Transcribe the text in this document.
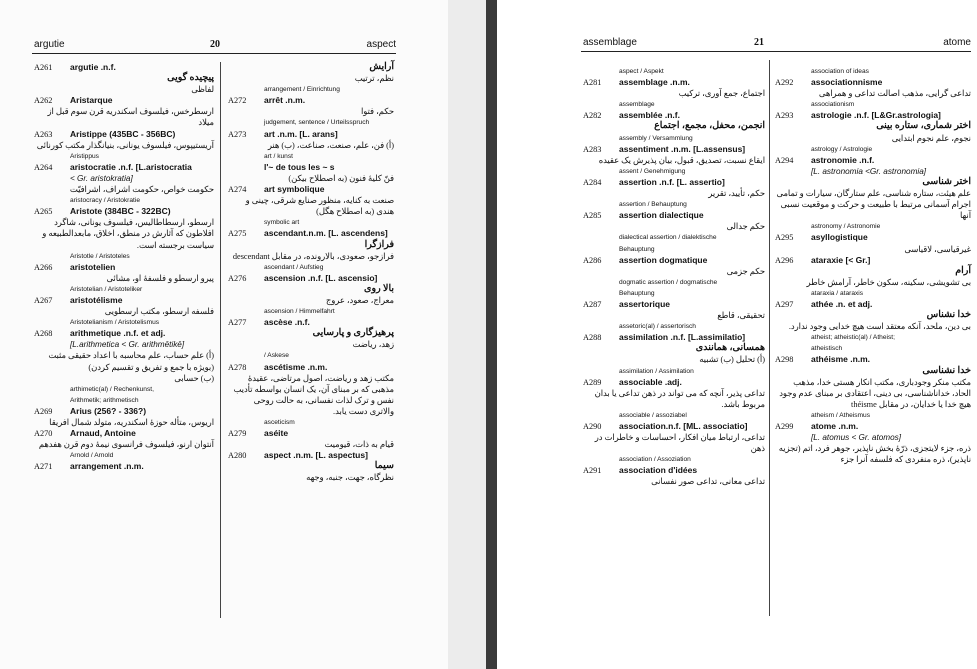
argutie	20	aspect
A261	argutie .n.f.
پیچیده گویی
لفاظی
A262	Aristarque
ارسطرخس، فیلسوف اسکندریه قرن سوم قبل از میلاد
A263	Aristippe (435BC - 356BC)
آریستیپوس، فیلسوف یونانی، بنیانگذار مکتب کورنائی
Aristippus
A264	aristocratie .n.f. [L.aristocratia
< Gr. aristokratia]
حکومت خواص، حکومت اشراف، اشرافیّت
aristocracy / Aristokratie
A265	Aristote (384BC - 322BC)
ارسطو، ارسطاطالیس، فیلسوف یونانی، شاگرد افلاطون که آثارش در منطق، اخلاق، مابعدالطبیعه و سیاست برجسته است.
Aristotle / Aristoteles
A266	aristotelien
پیرو ارسطو و فلسفهٔ او، مشائی
Aristotelian / Aristoteliker
A267	aristotélisme
فلسفه ارسطو، مکتب ارسطویی
Aristotelianism / Aristotelismus
A268	arithmetique .n.f. et adj.
[L.arithmetica < Gr. arithmētikē]
(أ) علم حساب، علم محاسبه با اعداد حقیقی مثبت (بویژه با جمع و تفریق و تقسیم کردن)
(ب) حسابی
arthimetic(al) / Rechenkunst,
Arithmetik; arithmetisch
A269	Arius (256? - 336?)
اریوس، متأله حوزهٔ اسکندریه، متولد شمال افریقا
A270	Arnaud, Antoine
آنتوان ارنو، فیلسوف فرانسوی نیمهٔ دوم قرن هفدهم
Arnold / Arnold
A271	arrangement .n.m.
آرایش
نظم، ترتیب
arrangement / Einrichtung
A272	arrêt .n.m.
حکم، فتوا
judgement, sentence / Urteilsspruch
A273	art .n.m. [L. arans]
(أ) فن، علم، صنعت، صناعت، (ب) هنر
art / kunst
l'~ de tous les ~ s
فنّ کلیهٔ فنون (به اصطلاح بیکن)
A274	art symbolique
صنعت به کنایه، منظور صنایع شرقی، چینی و هندی (به اصطلاح هگل)
symbolic art
A275	ascendant.n.m. [L. ascendens]
فرازگرا
فرازجو، صعودی، بالارونده، در مقابل descendant
ascendant / Aufstieg
A276	ascension .n.f. [L. ascensio]
بالا روی
معراج، صعود، عروج
ascension / Himmelfahrt
A277	ascèse .n.f.
پرهیزگاری و پارسایی
زهد، ریاضت
/ Askese
A278	ascétisme .n.m.
مکتب زهد و ریاضت، اصول مرتاضی، عقیدهٔ مذهبی که بر مبنای آن، یک انسان بواسطه تأدیب نفس و ترک لذات نفسانی، به حالت روحی والاتری دست یابد.
asceticism
A279	aséite
قیام به ذات، قیومیت
A280	aspect .n.m. [L. aspectus]
سیما
نظرگاه، جهت، جنبه، وجهه
assemblage	21	atome
aspect / Aspekt
A281	assemblage .n.m.
اجتماع، جمع آوری، ترکیب
assemblage
A282	assemblée .n.f.
انجمن، محفل، مجمع، اجتماع
assembly / Versammlung
A283	assentiment .n.m. [L.assensus]
ایقاع نسبت، تصدیق، قبول، بیان پذیرش یک عقیده
assent / Genehmigung
A284	assertion .n.f. [L. assertio]
حکم، تأیید، تقریر
assertion / Behauptung
A285	assertion dialectique
حکم جدالی
dialectical assertion / dialektische
Behauptung
A286	assertion dogmatique
حکم جزمی
dogmatic assertion / dogmatische
Behauptung
A287	assertorique
تحقیقی، قاطع
assetoric(al) / assertorisch
A288	assimilation .n.f. [L.assimilatio]
همسانی، همانندی
(أ) تحلیل (ب) تشبیه
assimilation / Assimilation
A289	associable .adj.
تداعی پذیر، آنچه که می تواند در ذهن تداعی یا بدان مربوط باشد.
associable / assoziabel
A290	association.n.f. [ML. associatio]
تداعی، ارتباط میان افکار، احساسات و خاطرات در ذهن
association / Assoziation
A291	association d'idées
تداعی معانی، تداعی صور نفسانی
association of ideas
A292	associationnisme
تداعی گرایی، مذهب اصالت تداعی و همراهی
associationism
A293	astrologie .n.f. [L&Gr.astrologia]
اختر شماری، ستاره بینی
نجوم، علم نجوم ابتدایی
astrology / Astrologie
A294	astronomie .n.f.
[L. astronomia <Gr. astronomia]
اختر شناسی
علم هیئت، ستاره شناسی، علم ستارگان، سیارات و تمامی اجرام آسمانی مرتبط با طبیعت و حرکت و موقعیت نسبی آنها
astronomy / Astronomie
A295	asyllogistique
غیرقیاسی، لاقیاسی
A296	ataraxie [< Gr.]
آرام
بی تشویشی، سکینه، سکون خاطر، آرامش خاطر
ataraxia / ataraxis
A297	athée .n. et adj.
خدا نشناس
بی دین، ملحد، آنکه معتقد است هیچ خدایی وجود ندارد.
atheist; atheistic(al) / Atheist;
atheistisch
A298	athéisme .n.m.
خدا نشناسی
مکتب منکر وجودباری، مکتب انکار هستی خدا، مذهب الحاد، خداناشناسی، بی دینی، اعتقادی بر مبنای عدم وجود هیچ خدا یا خدایان، در مقابل théisme
atheism / Atheismus
A299	atome .n.m.
[L. atomus < Gr. atomos]
ذره، جزء لایتجزی، ذرّهٔ بخش ناپذیر، جوهر فرد، اتم (تجزیه ناپذیر)، ذره منفردی که فلسفه آنرا جزء
